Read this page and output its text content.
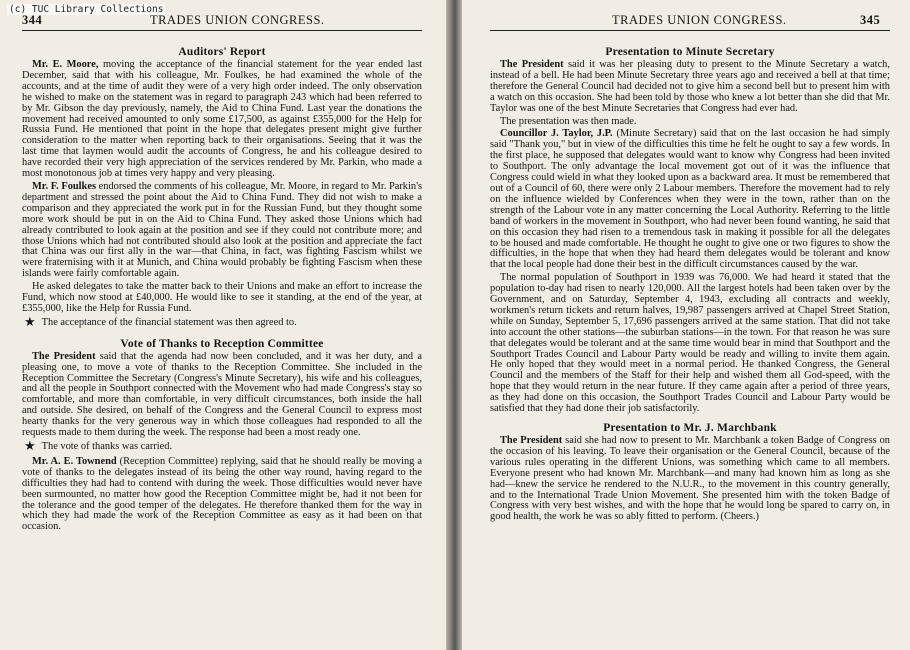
(c) TUC Library Collections
344	TRADES UNION CONGRESS.
Auditors' Report

Mr. E. Moore, moving the acceptance of the financial statement for the year ended last December, said that with his colleague, Mr. Foulkes, he had examined the whole of the accounts, and at the time of audit they were of a very high order indeed. The only observation he wished to make on the statement was in regard to paragraph 243 which had been referred to by Mr. Gibson the day previously, namely, the Aid to China Fund. Last year the donations the movement had received amounted to only some £17,500, as against £355,000 for the Help for Russia Fund. He mentioned that point in the hope that delegates present might give further consideration to the matter when reporting back to their organisations. Seeing that it was the last time that laymen would audit the accounts of Congress, he and his colleague desired to have recorded their very high appreciation of the services rendered by Mr. Parkin, who made a most monotonous job at times very happy and very pleasing.

Mr. F. Foulkes endorsed the comments of his colleague, Mr. Moore, in regard to Mr. Parkin's department and stressed the point about the Aid to China Fund. They did not wish to make a comparison and they appreciated the work put in for the Russian Fund, but they thought some more work should be put in on the Aid to China Fund. They asked those Unions which had already contributed to look again at the position and see if they could not contribute more; and those Unions which had not contributed should also look at the position and appreciate the fact that China was our first ally in the war—that China, in fact, was fighting Fascism whilst we were fraternising with it at Munich, and China would probably be fighting Fascism when these islands were fairly comfortable again.

He asked delegates to take the matter back to their Unions and make an effort to increase the Fund, which now stood at £40,000. He would like to see it standing, at the end of the year, at £355,000, like the Help for Russia Fund.

★ The acceptance of the financial statement was then agreed to.

Vote of Thanks to Reception Committee

The President said that the agenda had now been concluded, and it was her duty, and a pleasing one, to move a vote of thanks to the Reception Committee. She included in the Reception Committee the Secretary (Congress's Minute Secretary), his wife and his colleagues, and all the people in Southport connected with the Movement who had made Congress's stay so comfortable, and more than comfortable, in very difficult circumstances, both inside the hall and outside. She desired, on behalf of the Congress and the General Council to express most hearty thanks for the very generous way in which those colleagues had responded to all the requests made to them during the week. The response had been a most ready one.

★ The vote of thanks was carried.

Mr. A. E. Townend (Reception Committee) replying, said that he should really be moving a vote of thanks to the delegates instead of its being the other way round, having regard to the difficulties they had had to contend with during the week. Those difficulties would never have been surmounted, no matter how good the Reception Committee might be, had it not been for the tolerance and the good temper of the delegates. He therefore thanked them for the way in which they had made the work of the Reception Committee as easy as it had been on that occasion.

TRADES UNION CONGRESS.	345
Presentation to Minute Secretary

The President said it was her pleasing duty to present to the Minute Secretary a watch, instead of a bell. He had been Minute Secretary three years ago and received a bell at that time; therefore the General Council had decided not to give him a second bell but to present him with a watch on this occasion. She had been told by those who knew a lot better than she did that Mr. Taylor was one of the best Minute Secretaries that Congress had ever had.

The presentation was then made.

Councillor J. Taylor, J.P. (Minute Secretary) said that on the last occasion he had simply said "Thank you," but in view of the difficulties this time he felt he ought to say a few words. In the first place, he supposed that delegates would want to know why Congress had been invited to Southport. The only advantage the local movement got out of it was the influence that Congress could wield in what they looked upon as a backward area. It must be remembered that out of a Council of 60, there were only 2 Labour members. Therefore the movement had to rely on the influence wielded by Conferences when they were in the town, rather than on the strength of the Labour vote in any matter concerning the Local Authority. Referring to the little band of workers in the movement in Southport, who had never been found wanting, he said that on this occasion they had risen to a tremendous task in making it possible for all the delegates to be housed and made comfortable. He thought he ought to give one or two figures to show the difficulties, in the hope that when they had heard them delegates would be tolerant and know that the local people had done their best in the difficult circumstances caused by the war.

The normal population of Southport in 1939 was 76,000. We had heard it stated that the population to-day had risen to nearly 120,000. All the largest hotels had been taken over by the Government, and on Saturday, September 4, 1943, excluding all contracts and weekly, workmen's return tickets and return halves, 19,987 passengers arrived at Chapel Street Station, while on Sunday, September 5, 17,696 passengers arrived at the same station. That did not take into account the other stations—the suburban stations—in the town. For that reason he was sure that delegates would be tolerant and at the same time would bear in mind that Southport and the Southport Trades Council and Labour Party would be ready and willing to invite them again. He only hoped that they would meet in a normal period. He thanked Congress, the General Council and the members of the Staff for their help and wished them all God-speed, with the hope that they would return in the near future. If they came again after a period of three years, as they had done on this occasion, the Southport Trades Council and Labour Party would be satisfied that they had done their job satisfactorily.

Presentation to Mr. J. Marchbank

The President said she had now to present to Mr. Marchbank a token Badge of Congress on the occasion of his leaving. To leave their organisation or the General Council, because of the various rules operating in the different Unions, was something which came to all members. Everyone present who had known Mr. Marchbank—and many had known him as long as she had—knew the service he rendered to the N.U.R., to the movement in this country generally, and to the International Trade Union Movement. She presented him with the token Badge of Congress with very best wishes, and with the hope that he would long be spared to carry on, in good health, the work he was so ably fitted to perform. (Cheers.)
